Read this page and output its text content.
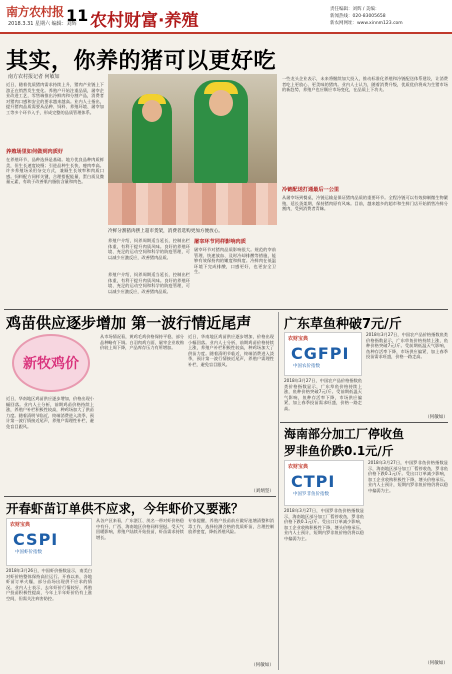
南方农村报
2018.3.31 星期六 编辑：刘辉
11 农村财富·养殖
责任编辑：刘辉 / 美编：
新闻热线：020-83005658
新农网网址：www.xinnm123.com
其实，你养的猪可以更好吃
南方农村报记者 何敏如
近日，随着优质猪肉需求持续上升，猪肉产业链上下游正在悄然发生变化。养殖户开始注重品质，屠宰企业改进工艺，零售端推出冷鲜肉和分割产品，消费者对猪肉口感和安全的要求越来越高。业内人士指出，提升猪肉品质需要从品种、饲料、养殖环境、屠宰加工等多个环节入手，形成完整的品质管理体系。
养殖场里如何做到肉质好
在养殖环节，品种选择是基础。地方优良品种肉质鲜美，但生长速度较慢；引进品种生长快，瘦肉率高。许多养殖场采用杂交方式，兼顾生长效率和肉质口感。饲料配方同样关键，合理搭配能量、蛋白质及微量元素，有助于改善肌内脂肪含量和肉色。
冷鲜分割猪肉摆上超市货架，消费者选购更加方便放心。
养殖户介绍，饲养周期适当延长、控制出栏体重，有利于提升肉质风味。良好的养殖环境、充足的运动空间和科学的防疫管理，可以减少应激反应，改善猪肉品质。
屠宰环节同样影响肉质
屠宰环节对猪肉品质影响很大。规范的宰前管理、快速放血、及时冷却排酸等措施，能够有效保持肉的嫩度和鲜度。冷鲜肉在低温环境下完成排酸，口感更好，也更安全卫生。
养殖户介绍，饲养周期适当延长、控制出栏体重，有利于提升肉质风味。良好的养殖环境、充足的运动空间和科学的防疫管理，可以减少应激反应，改善猪肉品质。
一些龙头企业表示，未来将继续加大投入，推动标准化养殖和冷链配送体系建设，让消费者吃上更放心、更美味的猪肉。业内人士认为，随着消费升级，优质优价将成为生猪市场的新趋势，养殖户也应顺应市场变化，在品质上下功夫。
冷链配送打通最后一公里
从屠宰场到餐桌，冷链运输是保证猪肉品质的重要环节。全程冷链可以有效抑制微生物繁殖，延长货架期，保持猪肉原有风味。目前，越来越多的超市和生鲜门店开始销售冷鲜分割肉，受到消费者青睐。
鸡苗供应逐步增加 第一波行情近尾声
新牧鸡价
近日，华南地区鸡苗供应逐步增加，价格出现小幅回落。业内人士分析，前期鸡苗价格持续上涨，养殖户补栏积极性较高，种鸡场加大了供苗力度。随着清明节临近，终端消费进入淡季，预计第一波行情接近尾声，养殖户需理性补栏，避免盲目跟风。
从市场情况看，黄鸡毛鸡价格保持平稳，部分品种略有下调。白羽肉鸡方面，屠宰企业收购价较上周下降，产品库存压力有所增加。
近日，华南地区鸡苗供应逐步增加，价格出现小幅回落。业内人士分析，前期鸡苗价格持续上涨，养殖户补栏积极性较高，种鸡场加大了供苗力度。随着清明节临近，终端消费进入淡季，预计第一波行情接近尾声，养殖户需理性补栏，避免盲目跟风。
（刘炳坚）
广东草鱼种破7元/斤
农财宝典
CGFPI
中国农价指数
2018年3月27日，中国农产品价格指数鱼类价格指数显示，广东草鱼价格持续上涨，鱼种价格突破7元/斤。受前期低温天气影响，鱼种存活率下降，市场供应偏紧，加上春季投苗需求旺盛，价格一路走高。
2018年3月27日，中国农产品价格指数鱼类价格指数显示，广东草鱼价格持续上涨，鱼种价格突破7元/斤。受前期低温天气影响，鱼种存活率下降，市场供应偏紧，加上春季投苗需求旺盛，价格一路走高。
（何敏如）
海南部分加工厂停收鱼
罗非鱼价跌0.1元/斤
农财宝典
CTPI
中国罗非鱼价指数
2018年3月27日，中国罗非鱼价格指数显示，海南地区部分加工厂暂停收鱼，罗非鱼价格下跌0.1元/斤。受出口订单减少影响，加工企业收购积极性下降，塘头价格承压。业内人士预计，短期内罗非鱼价格仍将以稳中偏弱为主。
2018年3月27日，中国罗非鱼价格指数显示，海南地区部分加工厂暂停收鱼，罗非鱼价格下跌0.1元/斤。受出口订单减少影响，加工企业收购积极性下降，塘头价格承压。业内人士预计，短期内罗非鱼价格仍将以稳中偏弱为主。
（何敏如）
开春虾苗订单供不应求，今年虾价又要涨？
农财宝典
CSPI
中国虾价指数
2018年3月26日，中国虾价指数显示，南美白对虾价格整体保持高位运行。开春以来，各地虾苗订单火爆，部分苗场出现供不应求的情况。业内人士表示，去年虾价行情较好，养殖户投苗积极性提高，今年上半年虾价仍有上涨空间，但需关注病害防控。
从各产区来看，广东湛江、茂名一带对虾价格稳中有升，广西、海南地区价格同样坚挺。受天气回暖影响，养殖户陆续开始投苗，虾苗需求持续增长。
专家提醒，养殖户投苗前应做好池塘清整和消毒工作，选择检测合格的优质虾苗，合理控制放养密度，降低养殖风险。
（何敏如）
